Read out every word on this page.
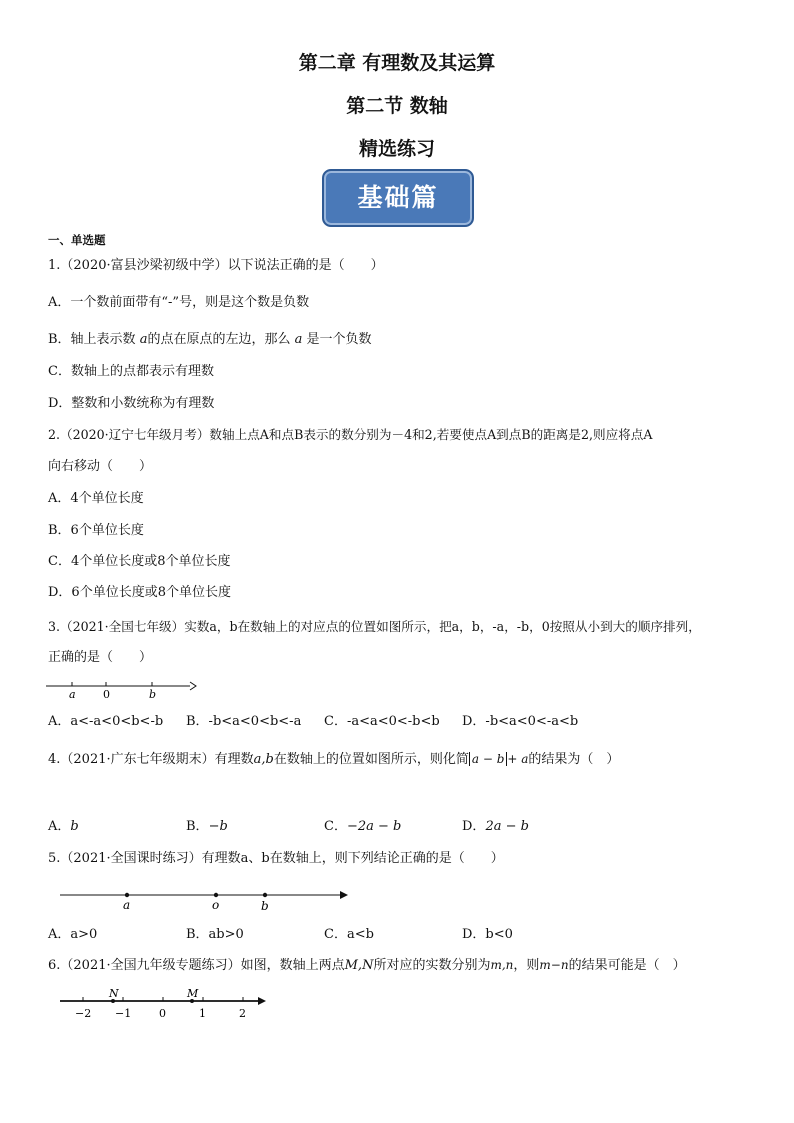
第二章 有理数及其运算
第二节 数轴
精选练习
基础篇
一、单选题
1.（2020·富县沙梁初级中学）以下说法正确的是（　　）
A．一个数前面带有“-”号，则是这个数是负数
B．轴上表示数 a的点在原点的左边，那么 a 是一个负数
C．数轴上的点都表示有理数
D．整数和小数统称为有理数
2.（2020·辽宁七年级月考）数轴上点A和点B表示的数分别为－4和2,若要使点A到点B的距离是2,则应将点A
向右移动（　　）
A．4个单位长度
B．6个单位长度
C．4个单位长度或8个单位长度
D．6个单位长度或8个单位长度
3.（2021·全国七年级）实数a，b在数轴上的对应点的位置如图所示，把a，b，-a，-b，0按照从小到大的顺序排列，
正确的是（　　）
a 0	b
A．a<-a<0<b<-b B．-b<a<0<b<-a C．-a<a<0<-b<b D．-b<a<0<-a<b
4.（2021·广东七年级期末）有理数a,b在数轴上的位置如图所示，则化简 a − b + a的结果为（　）
A．b	B．−b	C．−2a − b	D．2a − b
5.（2021·全国课时练习）有理数a、b在数轴上，则下列结论正确的是（　　）
a	o	b
A．a>0	B．ab>0	C．a<b	D．b<0
6.（2021·全国九年级专题练习）如图，数轴上两点M,N所对应的实数分别为m,n，则m−n的结果可能是（　）
N	M
−2 −1	0	1	2
